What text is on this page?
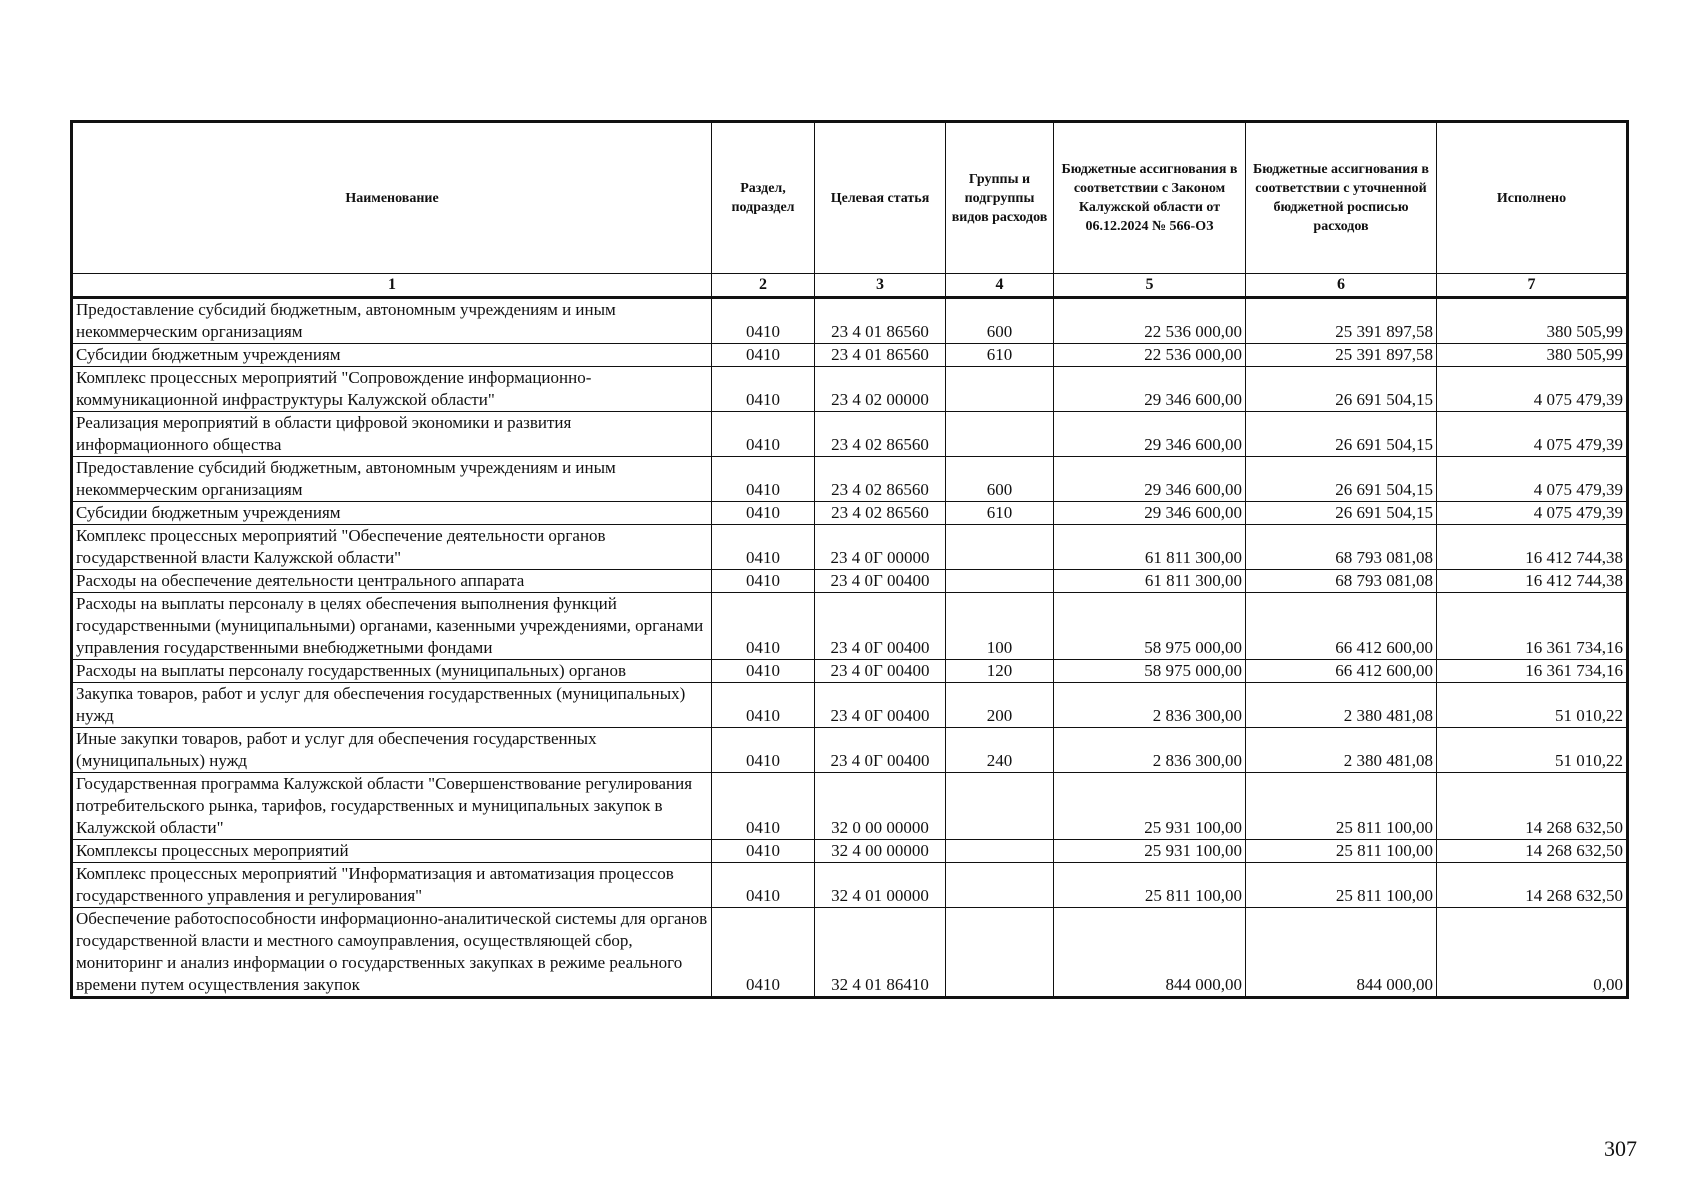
Наименование	Раздел, подраздел	Целевая статья	Группы и подгруппы видов расходов	Бюджетные ассигнования в соответствии с Законом Калужской области от 06.12.2024 № 566-ОЗ	Бюджетные ассигнования в соответствии с уточненной бюджетной росписью расходов	Исполнено
1	2	3	4	5	6	7
Предоставление субсидий бюджетным, автономным учреждениям и иным некоммерческим организациям	0410	23 4 01 86560	600	22 536 000,00	25 391 897,58	380 505,99
Субсидии бюджетным учреждениям	0410	23 4 01 86560	610	22 536 000,00	25 391 897,58	380 505,99
Комплекс процессных мероприятий "Сопровождение информационно-коммуникационной инфраструктуры Калужской области"	0410	23 4 02 00000		29 346 600,00	26 691 504,15	4 075 479,39
Реализация мероприятий в области цифровой экономики и развития информационного общества	0410	23 4 02 86560		29 346 600,00	26 691 504,15	4 075 479,39
Предоставление субсидий бюджетным, автономным учреждениям и иным некоммерческим организациям	0410	23 4 02 86560	600	29 346 600,00	26 691 504,15	4 075 479,39
Субсидии бюджетным учреждениям	0410	23 4 02 86560	610	29 346 600,00	26 691 504,15	4 075 479,39
Комплекс процессных мероприятий "Обеспечение деятельности органов государственной власти Калужской области"	0410	23 4 0Г 00000		61 811 300,00	68 793 081,08	16 412 744,38
Расходы на обеспечение деятельности центрального аппарата	0410	23 4 0Г 00400		61 811 300,00	68 793 081,08	16 412 744,38
Расходы на выплаты персоналу в целях обеспечения выполнения функций государственными (муниципальными) органами, казенными учреждениями, органами управления государственными внебюджетными фондами	0410	23 4 0Г 00400	100	58 975 000,00	66 412 600,00	16 361 734,16
Расходы на выплаты персоналу государственных (муниципальных) органов	0410	23 4 0Г 00400	120	58 975 000,00	66 412 600,00	16 361 734,16
Закупка товаров, работ и услуг для обеспечения государственных (муниципальных) нужд	0410	23 4 0Г 00400	200	2 836 300,00	2 380 481,08	51 010,22
Иные закупки товаров, работ и услуг для обеспечения государственных (муниципальных) нужд	0410	23 4 0Г 00400	240	2 836 300,00	2 380 481,08	51 010,22
Государственная программа Калужской области "Совершенствование регулирования потребительского рынка, тарифов, государственных и муниципальных закупок в Калужской области"	0410	32 0 00 00000		25 931 100,00	25 811 100,00	14 268 632,50
Комплексы процессных мероприятий	0410	32 4 00 00000		25 931 100,00	25 811 100,00	14 268 632,50
Комплекс процессных мероприятий "Информатизация и автоматизация процессов государственного управления и регулирования"	0410	32 4 01 00000		25 811 100,00	25 811 100,00	14 268 632,50
Обеспечение работоспособности информационно-аналитической системы для органов государственной власти и местного самоуправления, осуществляющей сбор, мониторинг и анализ информации о государственных закупках в режиме реального времени путем осуществления закупок	0410	32 4 01 86410		844 000,00	844 000,00	0,00
307
